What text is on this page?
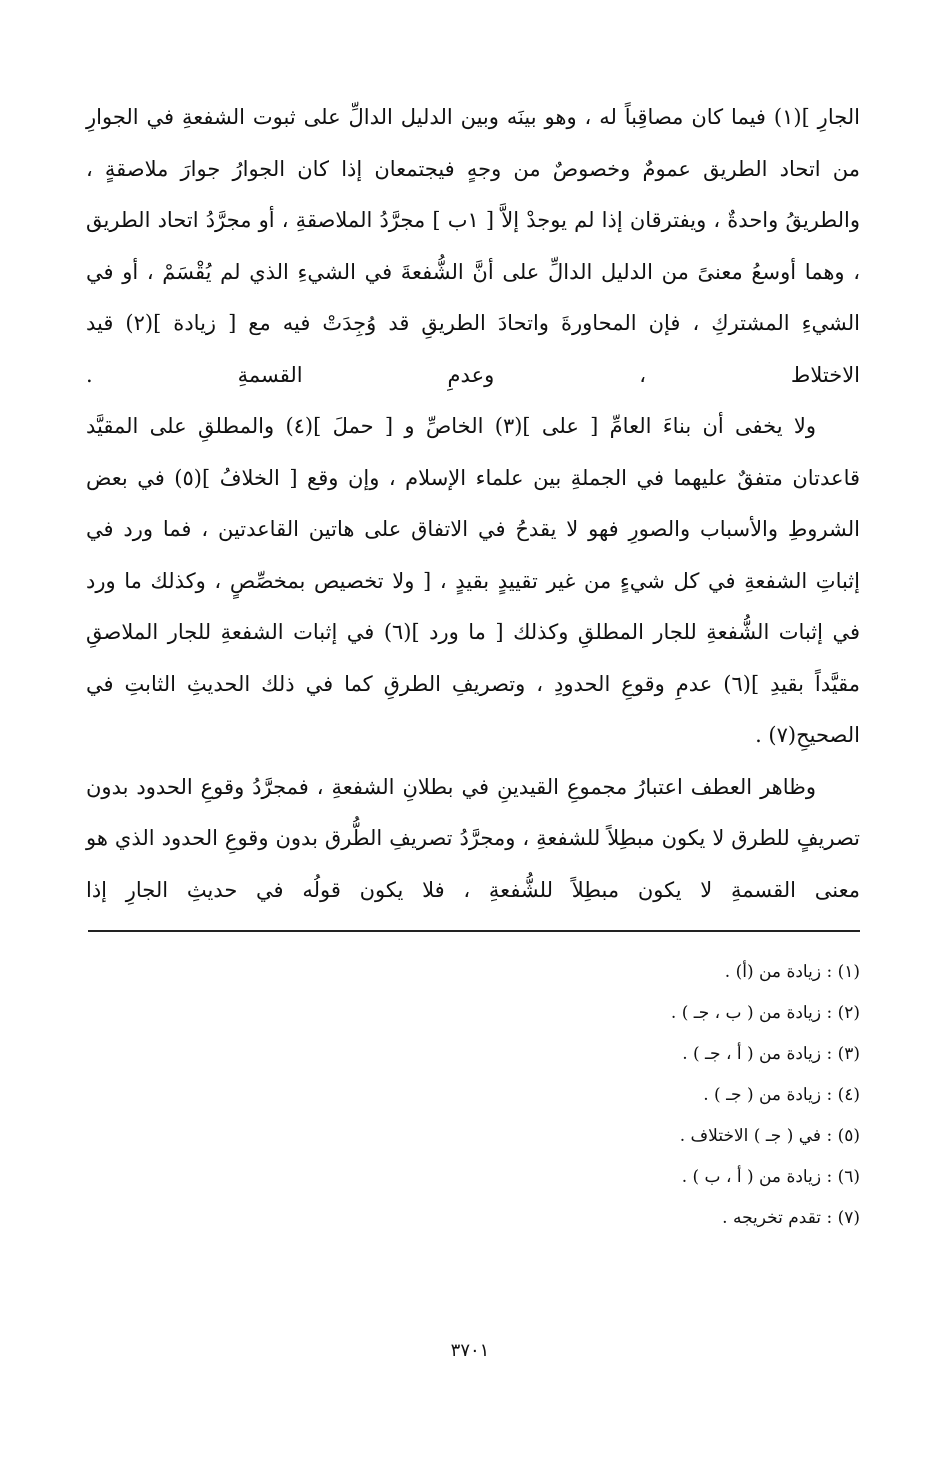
الجارِ ](١) فيما كان مصاقِباً له ، وهو بينَه وبين الدليل الدالِّ على ثبوت الشفعةِ في الجوارِ من اتحاد الطريق عمومٌ وخصوصٌ من وجهٍ فيجتمعان إذا كان الجوارُ جوارَ ملاصقةٍ ، والطريقُ واحدةٌ ، ويفترقان إذا لم يوجدْ إلاَّ [ ١ب ] مجرَّدُ الملاصقةِ ، أو مجرَّدُ اتحاد الطريق ، وهما أوسعُ معنىً من الدليل الدالِّ على أنَّ الشُّفعةَ في الشيءِ الذي لم يُقْسَمْ ، أو في الشيءِ المشتركِ ، فإن المحاورةَ واتحادَ الطريقِ قد وُجِدَتْ فيه مع [ زيادة ](٢) قيد الاختلاط ، وعدمِ القسمةِ .

ولا يخفى أن بناءَ العامِّ [ على ](٣) الخاصِّ و [ حملَ ](٤) والمطلقِ على المقيَّد قاعدتان متفقٌ عليهما في الجملةِ بين علماء الإسلام ، وإن وقع [ الخلافُ ](٥) في بعض الشروطِ والأسباب والصورِ فهو لا يقدحُ في الاتفاق على هاتين القاعدتين ، فما ورد في إثباتِ الشفعةِ في كل شيءٍ من غير تقييدٍ بقيدٍ ، [ ولا تخصيص بمخصِّصٍ ، وكذلك ما ورد في إثبات الشُّفعةِ للجار المطلقِ وكذلك [ ما ورد ](٦) في إثبات الشفعةِ للجار الملاصقِ مقيَّداً بقيدِ ](٦) عدمِ وقوعِ الحدودِ ، وتصريفِ الطرقِ كما في ذلك الحديثِ الثابتِ في الصحيحِ(٧) .

وظاهر العطف اعتبارُ مجموعِ القيدينِ في بطلانِ الشفعةِ ، فمجرَّدُ وقوعِ الحدود بدون تصريفٍ للطرق لا يكون مبطِلاً للشفعةِ ، ومجرَّدُ تصريفِ الطُّرق بدون وقوعِ الحدود الذي هو معنى القسمةِ لا يكون مبطِلاً للشُّفعةِ ، فلا يكون قولُه في حديثِ الجارِ إذا

(١) : زيادة من (أ) .
(٢) : زيادة من ( ب ، جـ ) .
(٣) : زيادة من ( أ ، جـ ) .
(٤) : زيادة من ( جـ ) .
(٥) : في ( جـ ) الاختلاف .
(٦) : زيادة من ( أ ، ب ) .
(٧) : تقدم تخريجه .
٣٧٠١
